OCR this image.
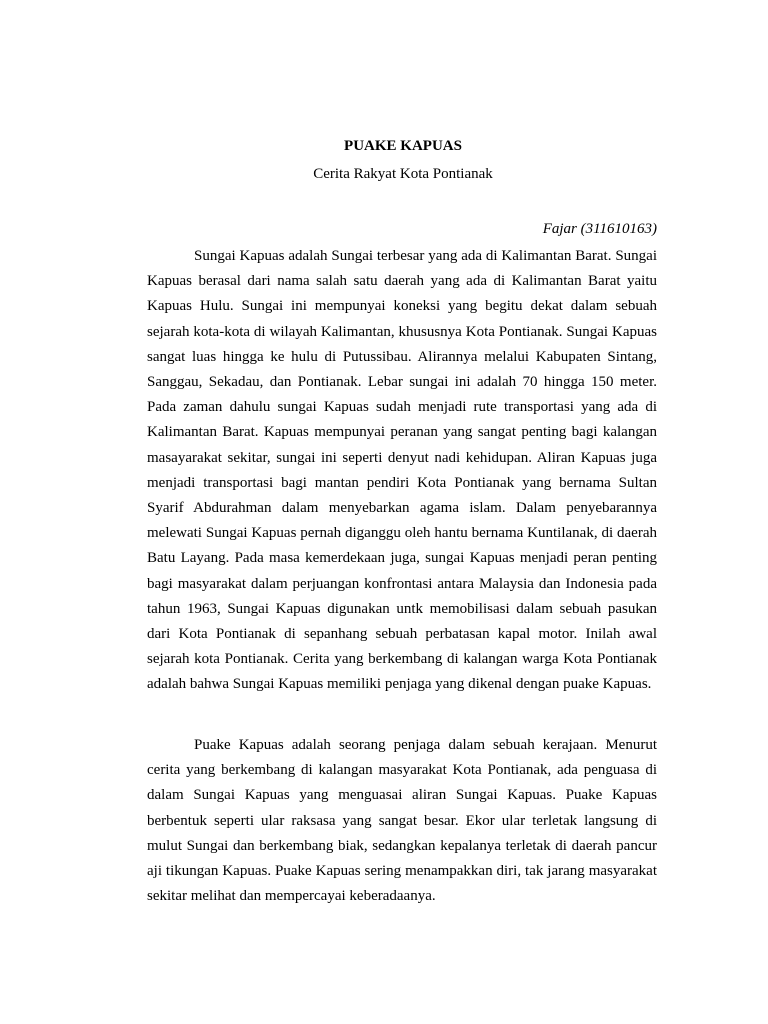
PUAKE KAPUAS
Cerita Rakyat Kota Pontianak
Fajar (311610163)

Sungai Kapuas adalah Sungai terbesar yang ada di Kalimantan Barat. Sungai Kapuas berasal dari nama salah satu daerah yang ada di Kalimantan Barat yaitu Kapuas Hulu. Sungai ini mempunyai koneksi yang begitu dekat dalam sebuah sejarah kota-kota di wilayah Kalimantan, khususnya Kota Pontianak. Sungai Kapuas sangat luas hingga ke hulu di Putussibau. Alirannya melalui Kabupaten Sintang, Sanggau, Sekadau, dan Pontianak. Lebar sungai ini adalah 70 hingga 150 meter. Pada zaman dahulu sungai Kapuas sudah menjadi rute transportasi yang ada di Kalimantan Barat. Kapuas mempunyai peranan yang sangat penting bagi kalangan masayarakat sekitar, sungai ini seperti denyut nadi kehidupan. Aliran Kapuas juga menjadi transportasi bagi mantan pendiri Kota Pontianak yang bernama Sultan Syarif Abdurahman dalam menyebarkan agama islam. Dalam penyebarannya melewati Sungai Kapuas pernah diganggu oleh hantu bernama Kuntilanak, di daerah Batu Layang. Pada masa kemerdekaan juga, sungai Kapuas menjadi peran penting bagi masyarakat dalam perjuangan konfrontasi antara Malaysia dan Indonesia pada tahun 1963, Sungai Kapuas digunakan untk memobilisasi dalam sebuah pasukan dari Kota Pontianak di sepanhang sebuah perbatasan kapal motor. Inilah awal sejarah kota Pontianak. Cerita yang berkembang di kalangan warga Kota Pontianak adalah bahwa Sungai Kapuas memiliki penjaga yang dikenal dengan puake Kapuas.

Puake Kapuas adalah seorang penjaga dalam sebuah kerajaan. Menurut cerita yang berkembang di kalangan masyarakat Kota Pontianak, ada penguasa di dalam Sungai Kapuas yang menguasai aliran Sungai Kapuas. Puake Kapuas berbentuk seperti ular raksasa yang sangat besar. Ekor ular terletak langsung di mulut Sungai dan berkembang biak, sedangkan kepalanya terletak di daerah pancur aji tikungan Kapuas. Puake Kapuas sering menampakkan diri, tak jarang masyarakat sekitar melihat dan mempercayai keberadaanya.
